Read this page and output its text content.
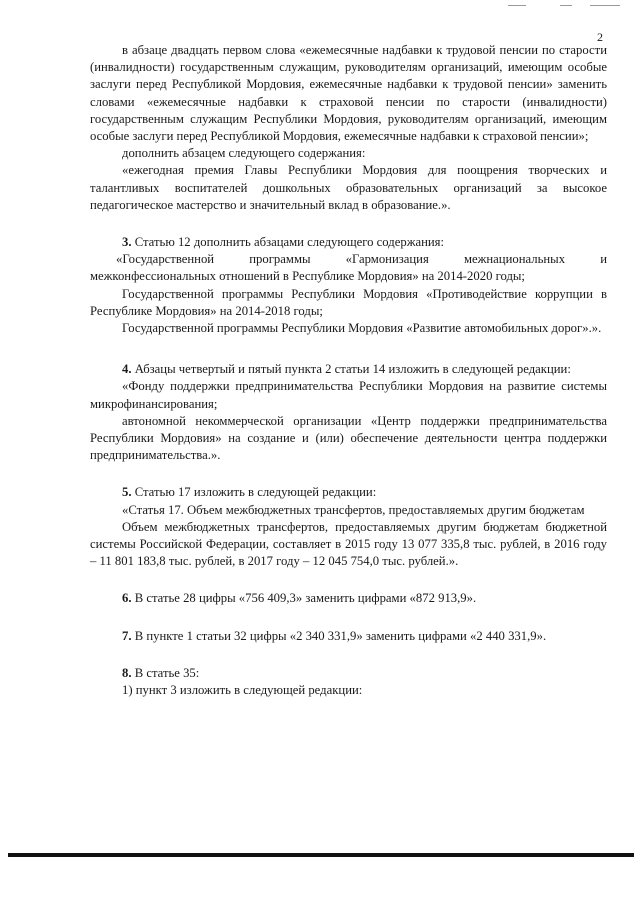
2

в абзаце двадцать первом слова «ежемесячные надбавки к трудовой пенсии по старости (инвалидности) государственным служащим, руководителям организаций, имеющим особые заслуги перед Республикой Мордовия, ежемесячные надбавки к трудовой пенсии» заменить словами «ежемесячные надбавки к страховой пенсии по старости (инвалидности) государственным служащим Республики Мордовия, руководителям организаций, имеющим особые заслуги перед Республикой Мордовия, ежемесячные надбавки к страховой пенсии»;

дополнить абзацем следующего содержания:

«ежегодная премия Главы Республики Мордовия для поощрения творческих и талантливых воспитателей дошкольных образовательных организаций за высокое педагогическое мастерство и значительный вклад в образование.».

3. Статью 12 дополнить абзацами следующего содержания:

«Государственной программы «Гармонизация межнациональных и межконфессиональных отношений в Республике Мордовия» на 2014-2020 годы;

Государственной программы Республики Мордовия «Противодействие коррупции в Республике Мордовия» на 2014-2018 годы;

Государственной программы Республики Мордовия «Развитие автомобильных дорог».».

4. Абзацы четвертый и пятый пункта 2 статьи 14 изложить в следующей редакции:

«Фонду поддержки предпринимательства Республики Мордовия на развитие системы микрофинансирования;

автономной некоммерческой организации «Центр поддержки предпринимательства Республики Мордовия» на создание и (или) обеспечение деятельности центра поддержки предпринимательства.».

5. Статью 17 изложить в следующей редакции:

«Статья 17. Объем межбюджетных трансфертов, предоставляемых другим бюджетам

Объем межбюджетных трансфертов, предоставляемых другим бюджетам бюджетной системы Российской Федерации, составляет в 2015 году 13 077 335,8 тыс. рублей, в 2016 году – 11 801 183,8 тыс. рублей, в 2017 году – 12 045 754,0 тыс. рублей.».

6. В статье 28 цифры «756 409,3» заменить цифрами «872 913,9».

7. В пункте 1 статьи 32 цифры «2 340 331,9» заменить цифрами «2 440 331,9».

8. В статье 35:

1) пункт 3 изложить в следующей редакции:
